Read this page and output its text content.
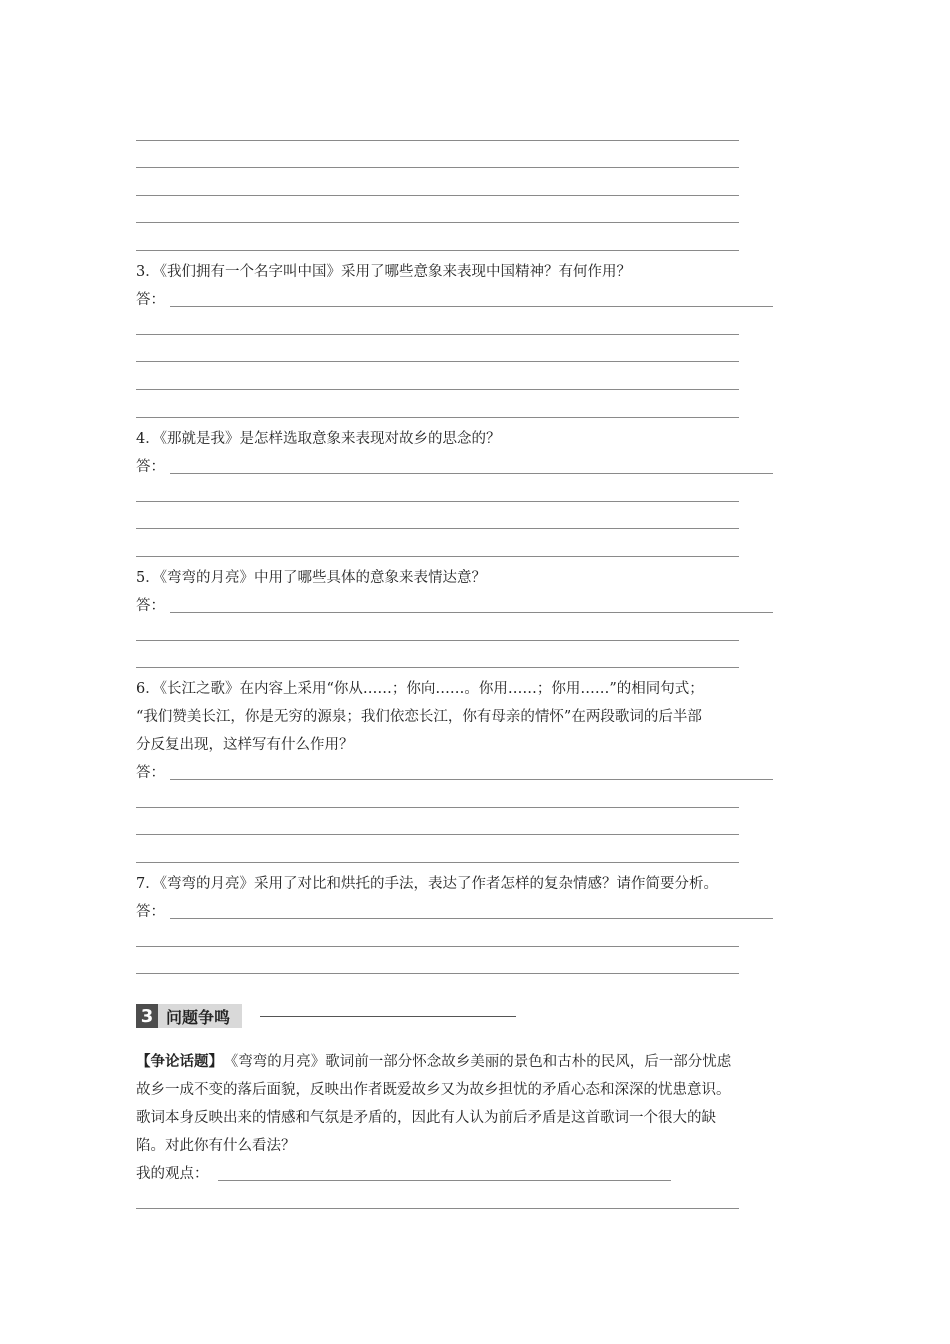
3．《我们拥有一个名字叫中国》采用了哪些意象来表现中国精神？有何作用？
答：
4．《那就是我》是怎样选取意象来表现对故乡的思念的？
答：
5．《弯弯的月亮》中用了哪些具体的意象来表情达意？
答：
6．《长江之歌》在内容上采用“你从……；你向……。你用……；你用……”的相同句式；
“我们赞美长江，你是无穷的源泉；我们依恋长江，你有母亲的情怀”在两段歌词的后半部
分反复出现，这样写有什么作用？
答：
7．《弯弯的月亮》采用了对比和烘托的手法，表达了作者怎样的复杂情感？请作简要分析。
答：
3 问题争鸣
【争论话题】 《弯弯的月亮》歌词前一部分怀念故乡美丽的景色和古朴的民风，后一部分忧虑
故乡一成不变的落后面貌，反映出作者既爱故乡又为故乡担忧的矛盾心态和深深的忧患意识。
歌词本身反映出来的情感和气氛是矛盾的，因此有人认为前后矛盾是这首歌词一个很大的缺
陷。对此你有什么看法？
我的观点：
